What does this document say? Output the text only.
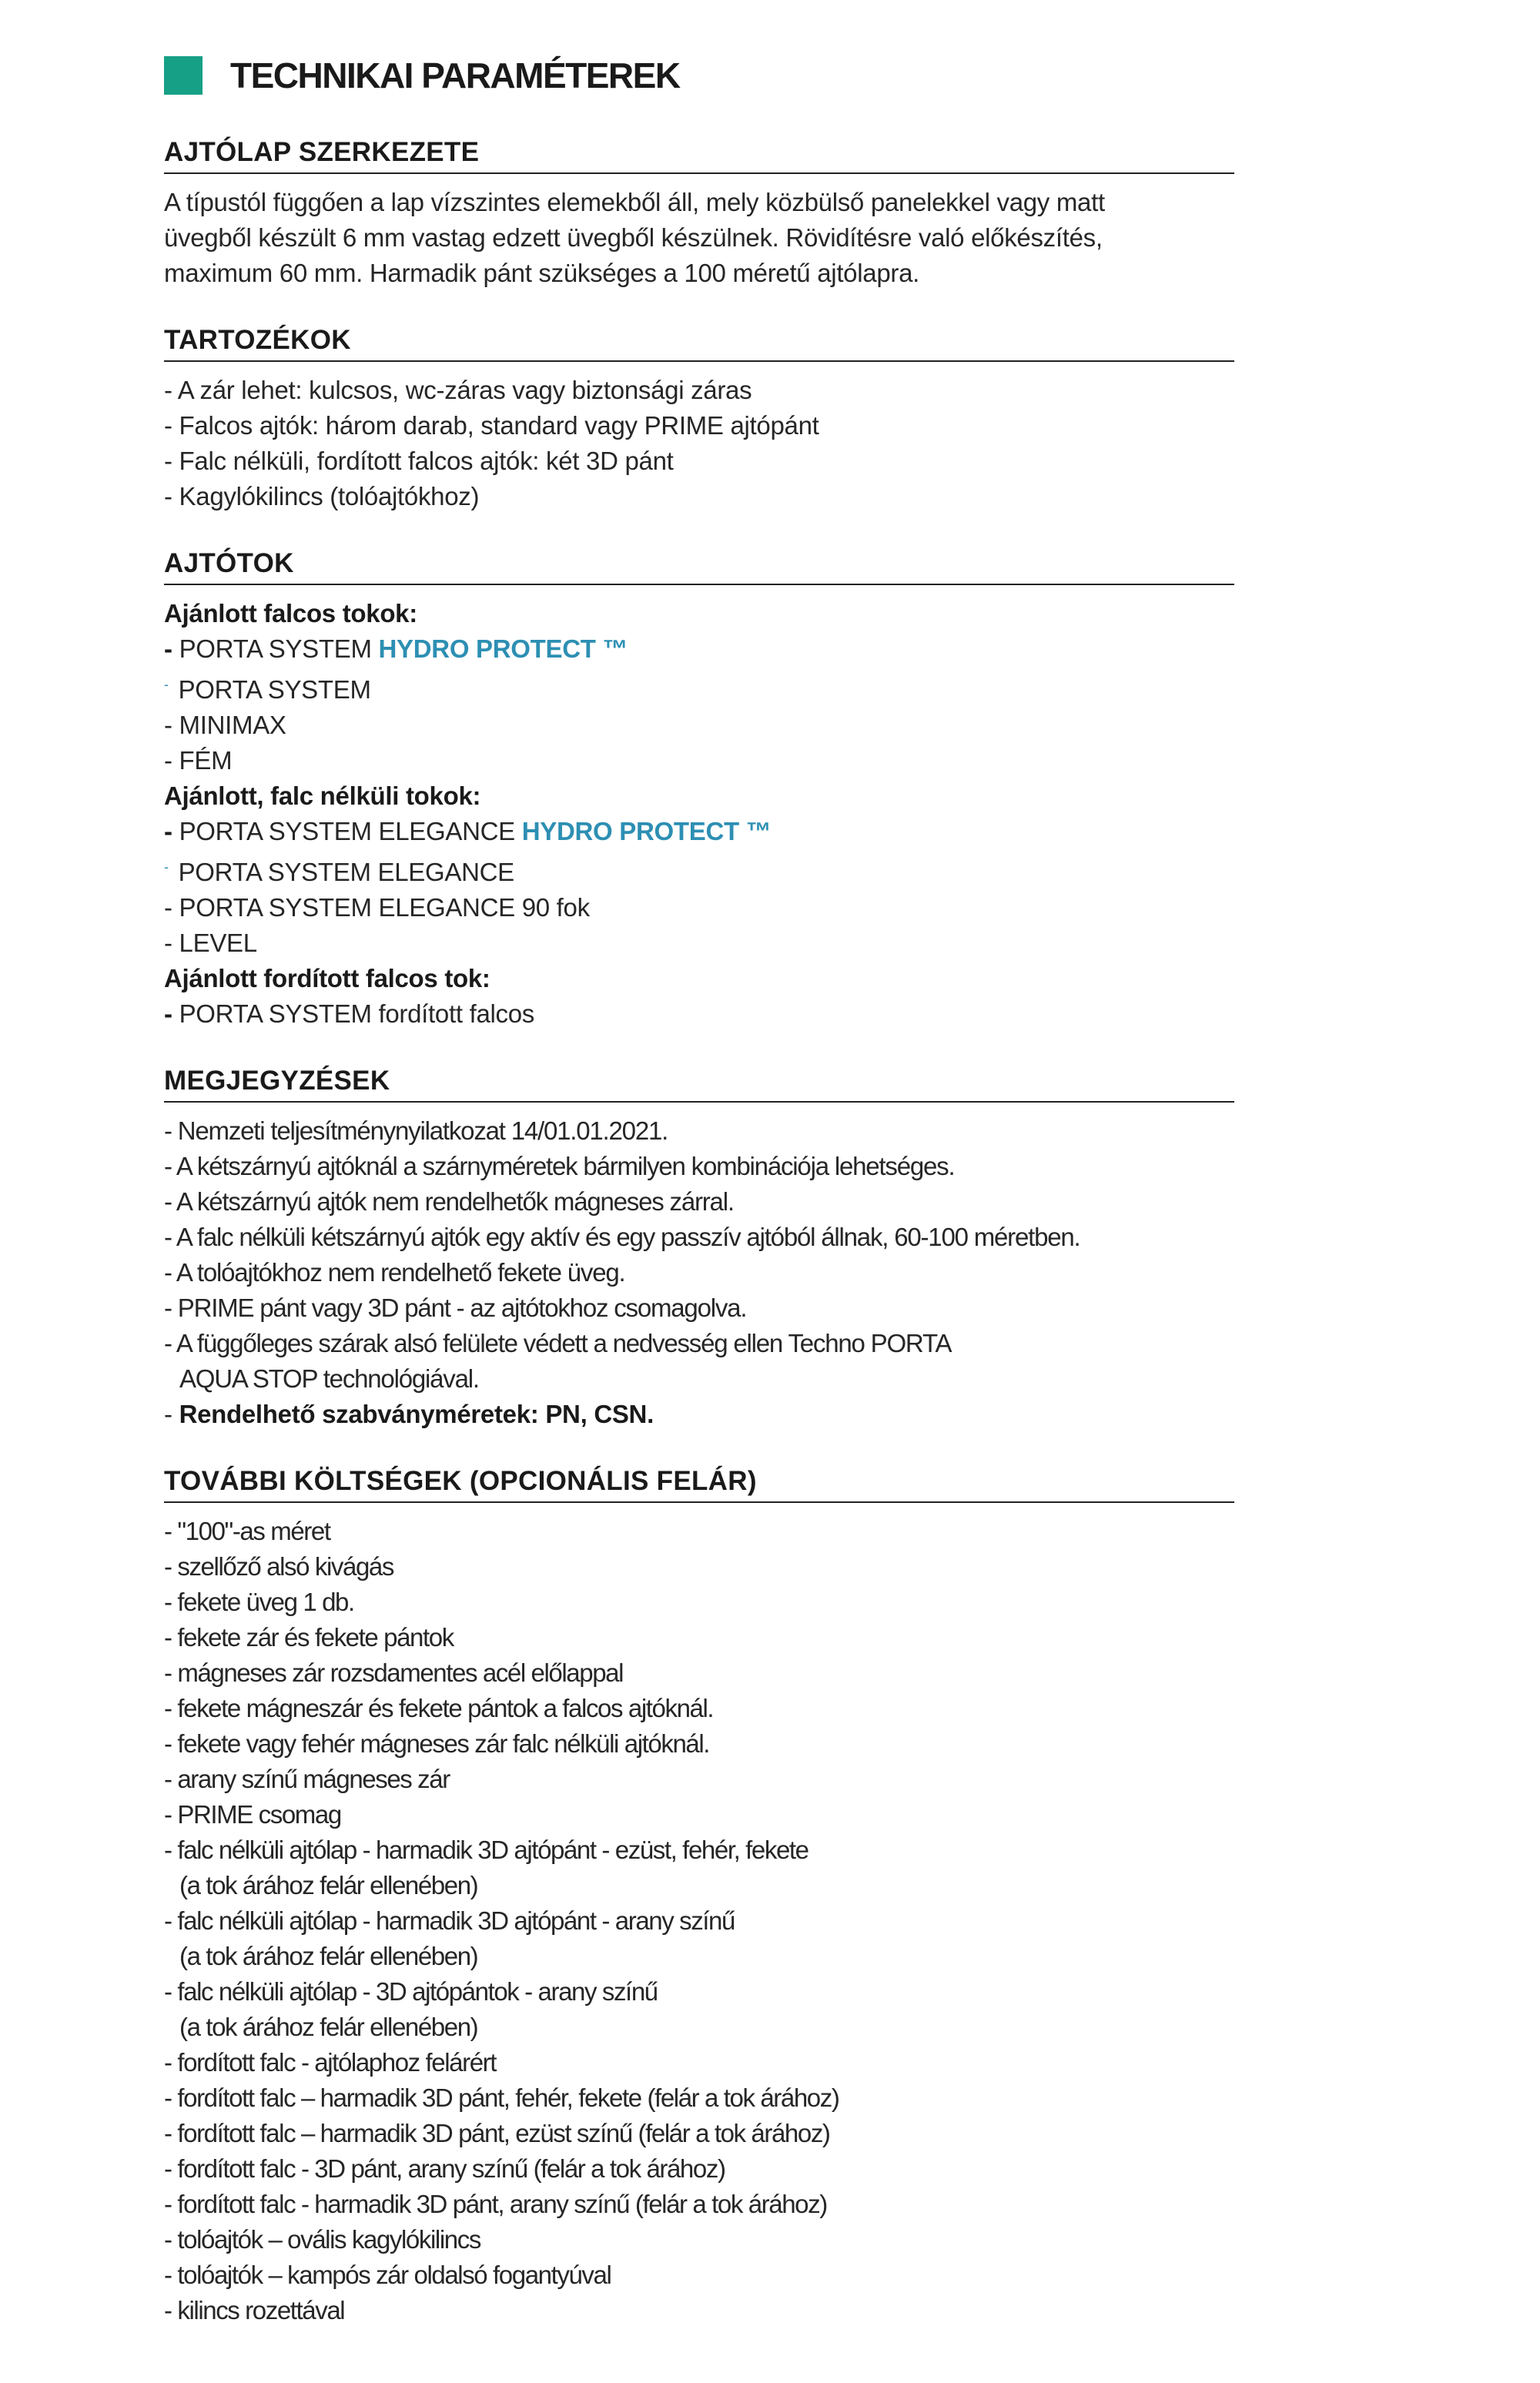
TECHNIKAI PARAMÉTEREK
AJTÓLAP SZERKEZETE
A típustól függően a lap vízszintes elemekből áll, mely közbülső panelekkel vagy matt
üvegből készült 6 mm vastag edzett üvegből készülnek. Rövidítésre való előkészítés,
maximum 60 mm. Harmadik pánt szükséges a 100 méretű ajtólapra.
TARTOZÉKOK
- A zár lehet: kulcsos, wc-záras vagy biztonsági záras
- Falcos ajtók: három darab, standard vagy PRIME ajtópánt
- Falc nélküli, fordított falcos ajtók: két 3D pánt
- Kagylókilincs (tolóajtókhoz)
AJTÓTOK
Ajánlott falcos tokok:
- PORTA SYSTEM HYDRO PROTECT ™
- PORTA SYSTEM
- MINIMAX
- FÉM
Ajánlott, falc nélküli tokok:
- PORTA SYSTEM ELEGANCE HYDRO PROTECT ™
- PORTA SYSTEM ELEGANCE
- PORTA SYSTEM ELEGANCE 90 fok
- LEVEL
Ajánlott fordított falcos tok:
- PORTA SYSTEM fordított falcos
MEGJEGYZÉSEK
- Nemzeti teljesítménynyilatkozat 14/01.01.2021.
- A kétszárnyú ajtóknál a szárnyméretek bármilyen kombinációja lehetséges.
- A kétszárnyú ajtók nem rendelhetők mágneses zárral.
- A falc nélküli kétszárnyú ajtók egy aktív és egy passzív ajtóból állnak, 60-100 méretben.
- A tolóajtókhoz nem rendelhető fekete üveg.
- PRIME pánt vagy 3D pánt - az ajtótokhoz csomagolva.
- A függőleges szárak alsó felülete védett a nedvesség ellen Techno PORTA
AQUA STOP technológiával.
- Rendelhető szabványméretek: PN, CSN.
TOVÁBBI KÖLTSÉGEK (OPCIONÁLIS FELÁR)
- "100"-as méret
- szellőző alsó kivágás
- fekete üveg 1 db.
- fekete zár és fekete pántok
- mágneses zár rozsdamentes acél előlappal
- fekete mágneszár és fekete pántok a falcos ajtóknál.
- fekete vagy fehér mágneses zár falc nélküli ajtóknál.
- arany színű mágneses zár
- PRIME csomag
- falc nélküli ajtólap - harmadik 3D ajtópánt - ezüst, fehér, fekete
(a tok árához felár ellenében)
- falc nélküli ajtólap - harmadik 3D ajtópánt - arany színű
(a tok árához felár ellenében)
- falc nélküli ajtólap - 3D ajtópántok - arany színű
(a tok árához felár ellenében)
- fordított falc - ajtólaphoz felárért
- fordított falc – harmadik 3D pánt, fehér, fekete (felár a tok árához)
- fordított falc – harmadik 3D pánt, ezüst színű (felár a tok árához)
- fordított falc - 3D pánt, arany színű (felár a tok árához)
- fordított falc - harmadik 3D pánt, arany színű (felár a tok árához)
- tolóajtók – ovális kagylókilincs
- tolóajtók – kampós zár oldalsó fogantyúval
- kilincs rozettával
